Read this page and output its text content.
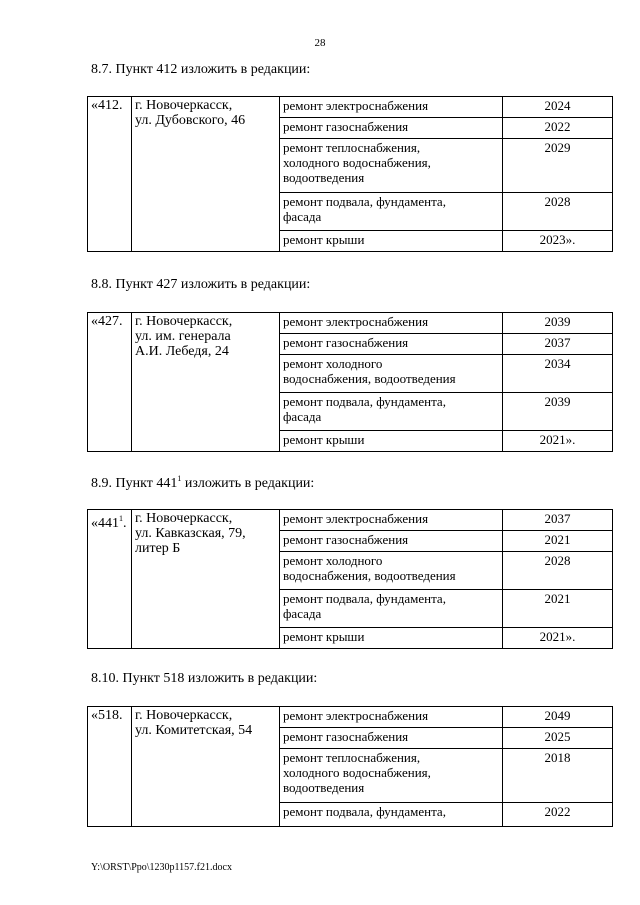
28
8.7. Пункт 412 изложить в редакции:
«412.	г. Новочеркасск,
ул. Дубовского, 46	ремонт электроснабжения	2024

		ремонт газоснабжения	2022

		ремонт теплоснабжения,
холодного водоснабжения,
водоотведения	2029

		ремонт подвала, фундамента,
фасада	2028

		ремонт крыши	2023».
8.8. Пункт 427 изложить в редакции:
«427.	г. Новочеркасск,
ул. им. генерала
А.И. Лебедя, 24	ремонт электроснабжения	2039

		ремонт газоснабжения	2037

		ремонт холодного
водоснабжения, водоотведения	2034

		ремонт подвала, фундамента,
фасада	2039

		ремонт крыши	2021».
8.9. Пункт $441^1$ изложить в редакции:
«$441^1$.	г. Новочеркасск,
ул. Кавказская, 79,
литер Б	ремонт электроснабжения	2037

		ремонт газоснабжения	2021

		ремонт холодного
водоснабжения, водоотведения	2028

		ремонт подвала, фундамента,
фасада	2021

		ремонт крыши	2021».
8.10. Пункт 518 изложить в редакции:
«518.	г. Новочеркасск,
ул. Комитетская, 54	ремонт электроснабжения	2049

		ремонт газоснабжения	2025

		ремонт теплоснабжения,
холодного водоснабжения,
водоотведения	2018

		ремонт подвала, фундамента,	2022
Y:\ORST\Ppo\1230p1157.f21.docx
